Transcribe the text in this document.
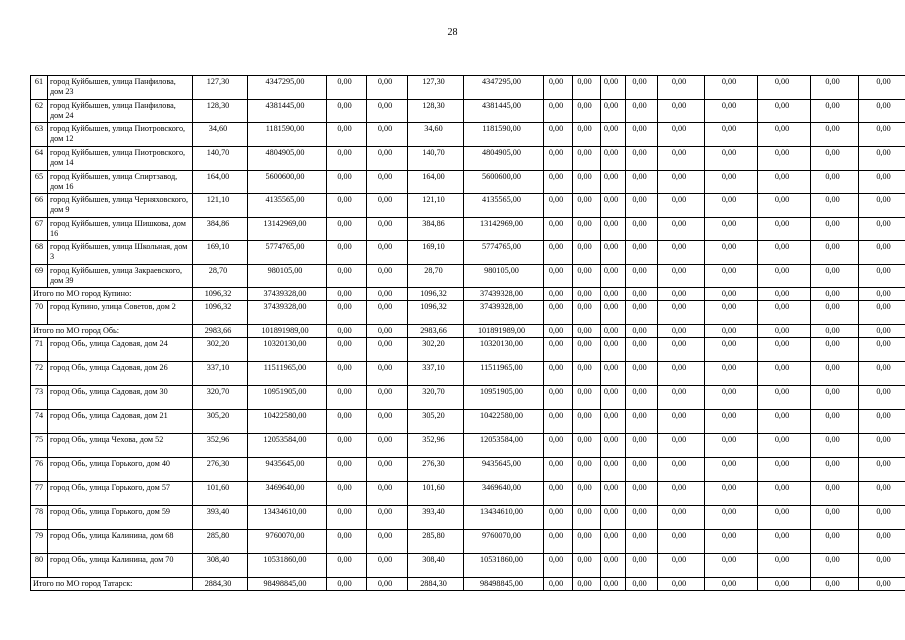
28
61	город Куйбышев, улица Панфилова, дом 23	127,30	4347295,00	0,00	0,00	127,30	4347295,00	0,00	0,00	0,00	0,00	0,00	0,00	0,00	0,00	0,00
62	город Куйбышев, улица Панфилова, дом 24	128,30	4381445,00	0,00	0,00	128,30	4381445,00	0,00	0,00	0,00	0,00	0,00	0,00	0,00	0,00	0,00
63	город Куйбышев, улица Пиотровского, дом 12	34,60	1181590,00	0,00	0,00	34,60	1181590,00	0,00	0,00	0,00	0,00	0,00	0,00	0,00	0,00	0,00
64	город Куйбышев, улица Пиотровского, дом 14	140,70	4804905,00	0,00	0,00	140,70	4804905,00	0,00	0,00	0,00	0,00	0,00	0,00	0,00	0,00	0,00
65	город Куйбышев, улица Спиртзавод, дом 16	164,00	5600600,00	0,00	0,00	164,00	5600600,00	0,00	0,00	0,00	0,00	0,00	0,00	0,00	0,00	0,00
66	город Куйбышев, улица Черняховского, дом 9	121,10	4135565,00	0,00	0,00	121,10	4135565,00	0,00	0,00	0,00	0,00	0,00	0,00	0,00	0,00	0,00
67	город Куйбышев, улица Шишкова, дом 16	384,86	13142969,00	0,00	0,00	384,86	13142969,00	0,00	0,00	0,00	0,00	0,00	0,00	0,00	0,00	0,00
68	город Куйбышев, улица Школьная, дом 3	169,10	5774765,00	0,00	0,00	169,10	5774765,00	0,00	0,00	0,00	0,00	0,00	0,00	0,00	0,00	0,00
69	город Куйбышев, улица Закраевского, дом 39	28,70	980105,00	0,00	0,00	28,70	980105,00	0,00	0,00	0,00	0,00	0,00	0,00	0,00	0,00	0,00
Итого по МО город Купино:		1096,32	37439328,00	0,00	0,00	1096,32	37439328,00	0,00	0,00	0,00	0,00	0,00	0,00	0,00	0,00	0,00
70	город Купино, улица Советов, дом 2	1096,32	37439328,00	0,00	0,00	1096,32	37439328,00	0,00	0,00	0,00	0,00	0,00	0,00	0,00	0,00	0,00
Итого по МО город Обь:		2983,66	101891989,00	0,00	0,00	2983,66	101891989,00	0,00	0,00	0,00	0,00	0,00	0,00	0,00	0,00	0,00
71	город Обь, улица Садовая, дом 24	302,20	10320130,00	0,00	0,00	302,20	10320130,00	0,00	0,00	0,00	0,00	0,00	0,00	0,00	0,00	0,00
72	город Обь, улица Садовая, дом 26	337,10	11511965,00	0,00	0,00	337,10	11511965,00	0,00	0,00	0,00	0,00	0,00	0,00	0,00	0,00	0,00
73	город Обь, улица Садовая, дом 30	320,70	10951905,00	0,00	0,00	320,70	10951905,00	0,00	0,00	0,00	0,00	0,00	0,00	0,00	0,00	0,00
74	город Обь, улица Садовая, дом 21	305,20	10422580,00	0,00	0,00	305,20	10422580,00	0,00	0,00	0,00	0,00	0,00	0,00	0,00	0,00	0,00
75	город Обь, улица Чехова, дом 52	352,96	12053584,00	0,00	0,00	352,96	12053584,00	0,00	0,00	0,00	0,00	0,00	0,00	0,00	0,00	0,00
76	город Обь, улица Горького, дом 40	276,30	9435645,00	0,00	0,00	276,30	9435645,00	0,00	0,00	0,00	0,00	0,00	0,00	0,00	0,00	0,00
77	город Обь, улица Горького, дом 57	101,60	3469640,00	0,00	0,00	101,60	3469640,00	0,00	0,00	0,00	0,00	0,00	0,00	0,00	0,00	0,00
78	город Обь, улица Горького, дом 59	393,40	13434610,00	0,00	0,00	393,40	13434610,00	0,00	0,00	0,00	0,00	0,00	0,00	0,00	0,00	0,00
79	город Обь, улица Калинина, дом 68	285,80	9760070,00	0,00	0,00	285,80	9760070,00	0,00	0,00	0,00	0,00	0,00	0,00	0,00	0,00	0,00
80	город Обь, улица Калинина, дом 70	308,40	10531860,00	0,00	0,00	308,40	10531860,00	0,00	0,00	0,00	0,00	0,00	0,00	0,00	0,00	0,00
Итого по МО город Татарск:		2884,30	98498845,00	0,00	0,00	2884,30	98498845,00	0,00	0,00	0,00	0,00	0,00	0,00	0,00	0,00	0,00
